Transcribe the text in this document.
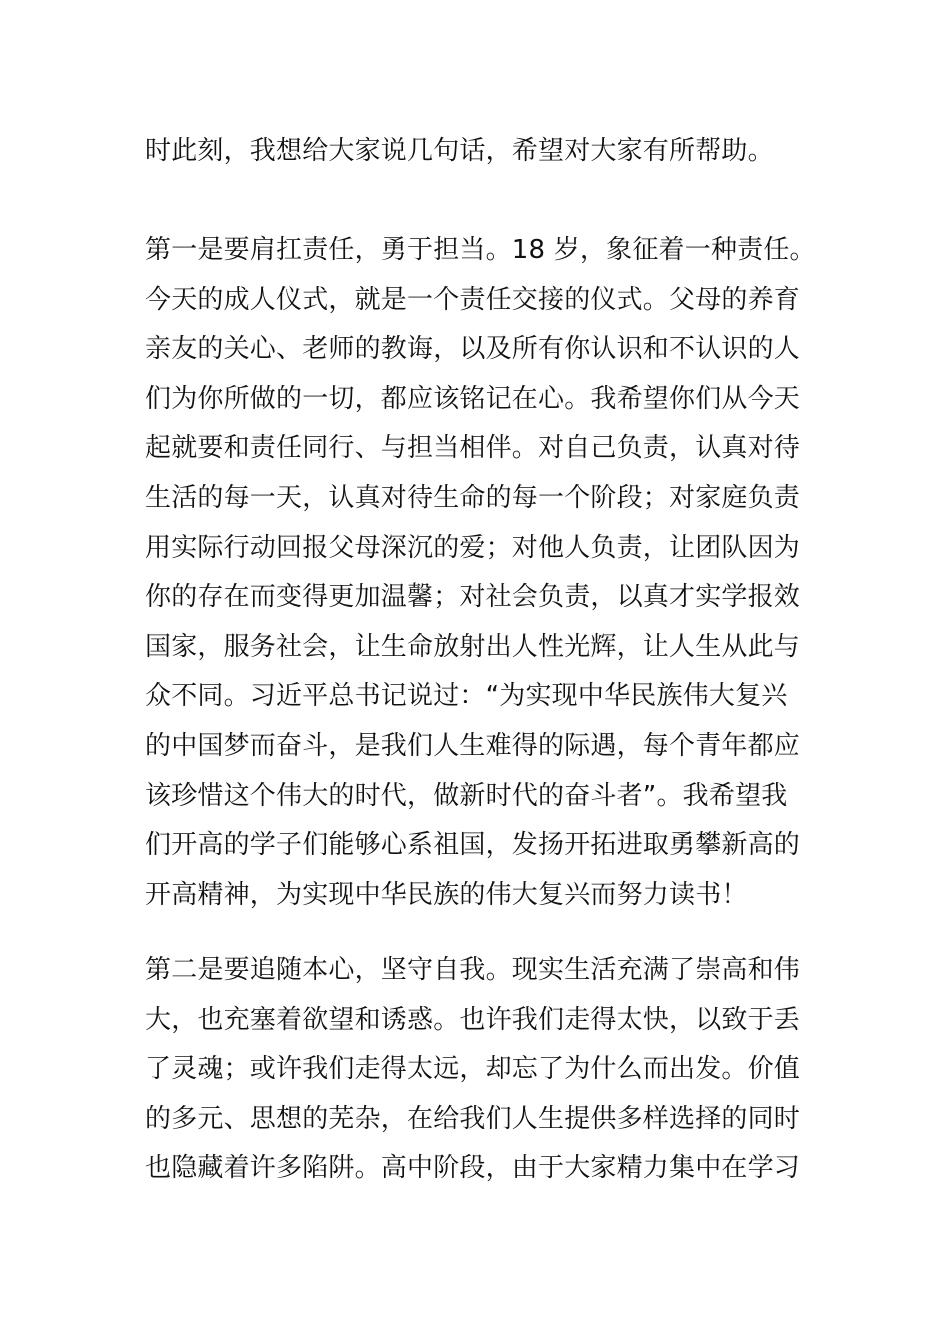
时此刻，我想给大家说几句话，希望对大家有所帮助。
第一是要肩扛责任，勇于担当。18 岁，象征着一种责任。
今天的成人仪式，就是一个责任交接的仪式。父母的养育
亲友的关心、老师的教诲，以及所有你认识和不认识的人
们为你所做的一切，都应该铭记在心。我希望你们从今天
起就要和责任同行、与担当相伴。对自己负责，认真对待
生活的每一天，认真对待生命的每一个阶段；对家庭负责
用实际行动回报父母深沉的爱；对他人负责，让团队因为
你的存在而变得更加温馨；对社会负责，以真才实学报效
国家，服务社会，让生命放射出人性光辉，让人生从此与
众不同。习近平总书记说过：“为实现中华民族伟大复兴
的中国梦而奋斗，是我们人生难得的际遇，每个青年都应
该珍惜这个伟大的时代，做新时代的奋斗者”。我希望我
们开高的学子们能够心系祖国，发扬开拓进取勇攀新高的
开高精神，为实现中华民族的伟大复兴而努力读书！
第二是要追随本心，坚守自我。现实生活充满了崇高和伟
大，也充塞着欲望和诱惑。也许我们走得太快，以致于丢
了灵魂；或许我们走得太远，却忘了为什么而出发。价值
的多元、思想的芜杂，在给我们人生提供多样选择的同时
也隐藏着许多陷阱。高中阶段，由于大家精力集中在学习
